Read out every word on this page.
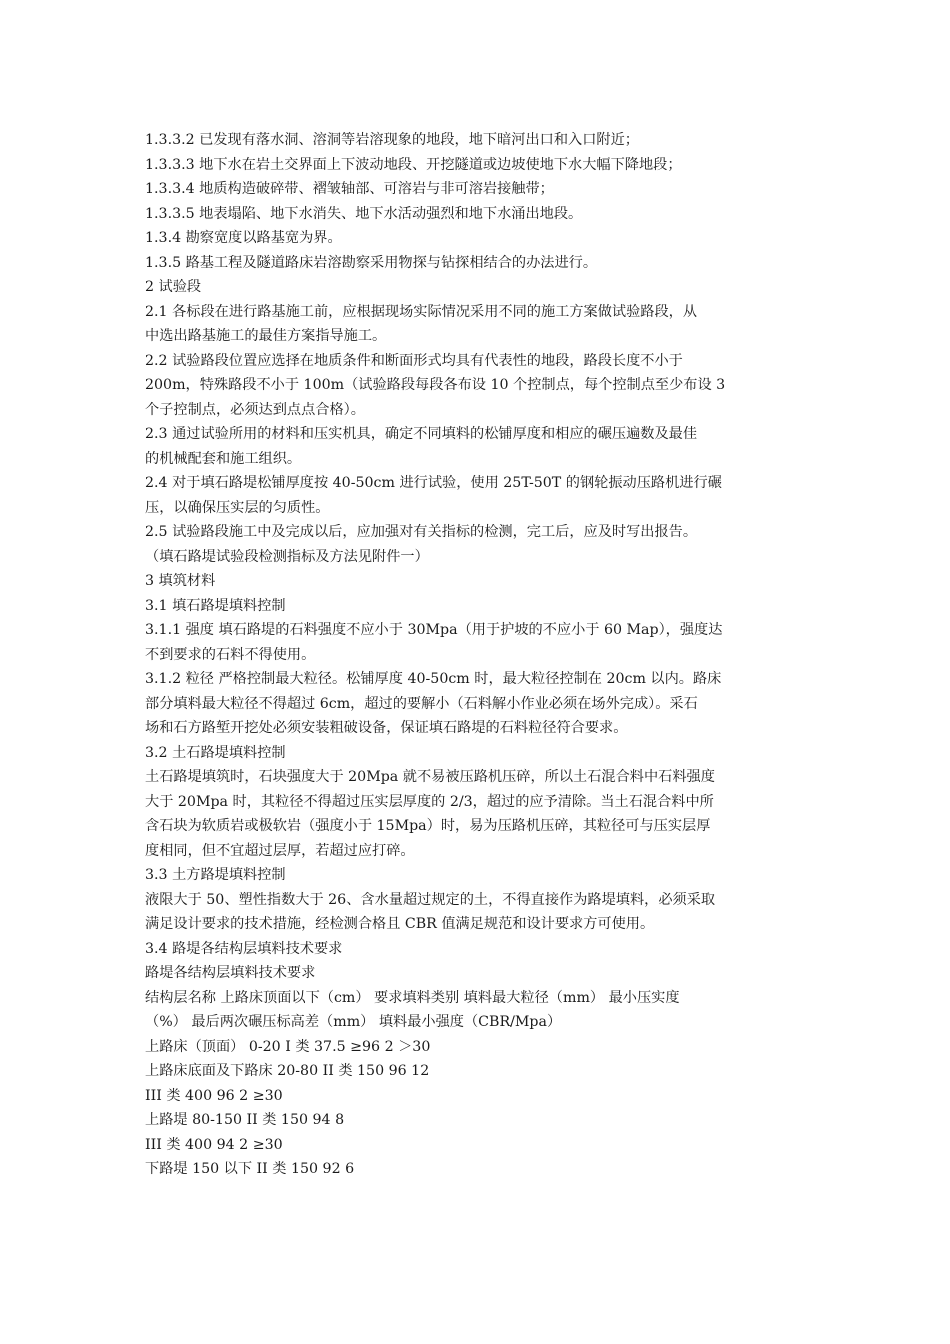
1.3.3.2 已发现有落水洞、溶洞等岩溶现象的地段，地下暗河出口和入口附近；
1.3.3.3 地下水在岩土交界面上下波动地段、开挖隧道或边坡使地下水大幅下降地段；
1.3.3.4 地质构造破碎带、褶皱轴部、可溶岩与非可溶岩接触带；
1.3.3.5 地表塌陷、地下水消失、地下水活动强烈和地下水涌出地段。
1.3.4 勘察宽度以路基宽为界。
1.3.5 路基工程及隧道路床岩溶勘察采用物探与钻探相结合的办法进行。
2 试验段
2.1 各标段在进行路基施工前，应根据现场实际情况采用不同的施工方案做试验路段，从
中选出路基施工的最佳方案指导施工。
2.2 试验路段位置应选择在地质条件和断面形式均具有代表性的地段，路段长度不小于
200m，特殊路段不小于 100m（试验路段每段各布设 10 个控制点，每个控制点至少布设 3
个子控制点，必须达到点点合格）。
2.3 通过试验所用的材料和压实机具，确定不同填料的松铺厚度和相应的碾压遍数及最佳
的机械配套和施工组织。
2.4 对于填石路堤松铺厚度按 40-50cm 进行试验，使用 25T-50T 的钢轮振动压路机进行碾
压，以确保压实层的匀质性。
2.5 试验路段施工中及完成以后，应加强对有关指标的检测，完工后，应及时写出报告。
（填石路堤试验段检测指标及方法见附件一）
3 填筑材料
3.1 填石路堤填料控制
3.1.1 强度 填石路堤的石料强度不应小于 30Mpa（用于护坡的不应小于 60 Map），强度达
不到要求的石料不得使用。
3.1.2 粒径 严格控制最大粒径。松铺厚度 40-50cm 时，最大粒径控制在 20cm 以内。路床
部分填料最大粒径不得超过 6cm，超过的要解小（石料解小作业必须在场外完成）。采石
场和石方路堑开挖处必须安装粗破设备，保证填石路堤的石料粒径符合要求。
3.2 土石路堤填料控制
土石路堤填筑时，石块强度大于 20Mpa 就不易被压路机压碎，所以土石混合料中石料强度
大于 20Mpa 时，其粒径不得超过压实层厚度的 2/3，超过的应予清除。当土石混合料中所
含石块为软质岩或极软岩（强度小于 15Mpa）时，易为压路机压碎，其粒径可与压实层厚
度相同，但不宜超过层厚，若超过应打碎。
3.3 土方路堤填料控制
液限大于 50、塑性指数大于 26、含水量超过规定的土，不得直接作为路堤填料，必须采取
满足设计要求的技术措施，经检测合格且 CBR 值满足规范和设计要求方可使用。
3.4 路堤各结构层填料技术要求
路堤各结构层填料技术要求
结构层名称 上路床顶面以下（cm） 要求填料类别 填料最大粒径（mm） 最小压实度
（%） 最后两次碾压标高差（mm） 填料最小强度（CBR/Mpa）
上路床（顶面） 0-20 I 类 37.5 ≥96 2 ＞30
上路床底面及下路床 20-80 II 类 150 96 12
III 类 400 96 2 ≥30
上路堤 80-150 II 类 150 94 8
III 类 400 94 2 ≥30
下路堤 150 以下 II 类 150 92 6
